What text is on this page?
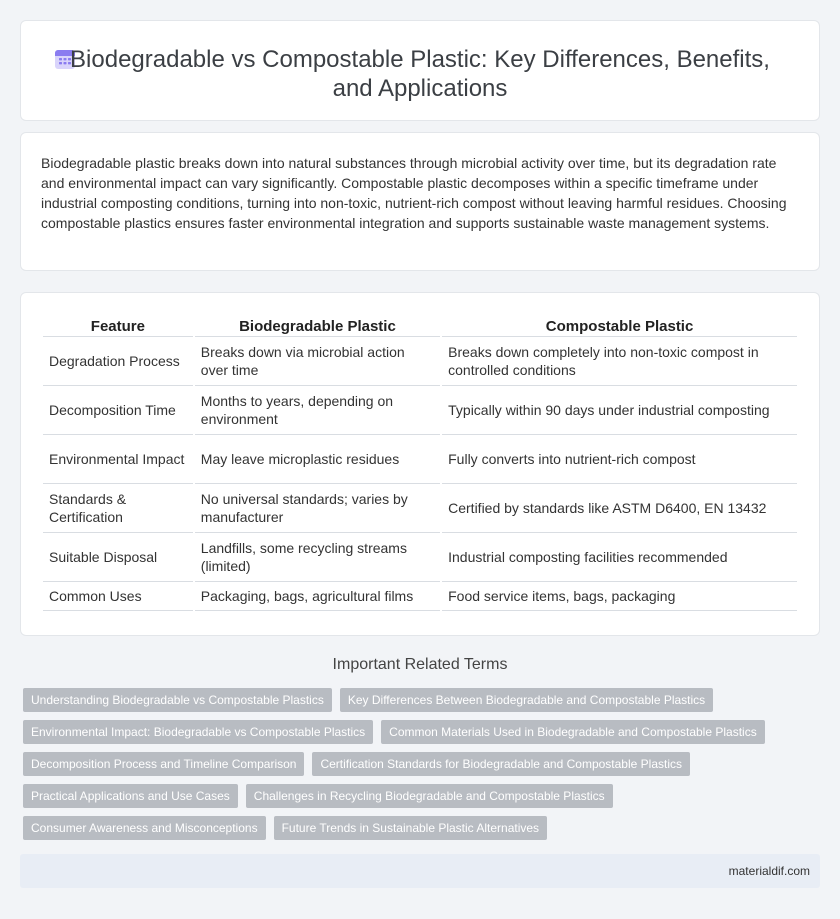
Biodegradable vs Compostable Plastic: Key Differences, Benefits, and Applications

Biodegradable plastic breaks down into natural substances through microbial activity over time, but its degradation rate and environmental impact can vary significantly. Compostable plastic decomposes within a specific timeframe under industrial composting conditions, turning into non-toxic, nutrient-rich compost without leaving harmful residues. Choosing compostable plastics ensures faster environmental integration and supports sustainable waste management systems.

Feature	Biodegradable Plastic	Compostable Plastic
Degradation Process	Breaks down via microbial action over time	Breaks down completely into non-toxic compost in controlled conditions
Decomposition Time	Months to years, depending on environment	Typically within 90 days under industrial composting
Environmental Impact	May leave microplastic residues	Fully converts into nutrient-rich compost
Standards & Certification	No universal standards; varies by manufacturer	Certified by standards like ASTM D6400, EN 13432
Suitable Disposal	Landfills, some recycling streams (limited)	Industrial composting facilities recommended
Common Uses	Packaging, bags, agricultural films	Food service items, bags, packaging
Important Related Terms
Understanding Biodegradable vs Compostable Plastics	Key Differences Between Biodegradable and Compostable Plastics
Environmental Impact: Biodegradable vs Compostable Plastics	Common Materials Used in Biodegradable and Compostable Plastics
Decomposition Process and Timeline Comparison	Certification Standards for Biodegradable and Compostable Plastics
Practical Applications and Use Cases	Challenges in Recycling Biodegradable and Compostable Plastics
Consumer Awareness and Misconceptions	Future Trends in Sustainable Plastic Alternatives
materialdif.com
